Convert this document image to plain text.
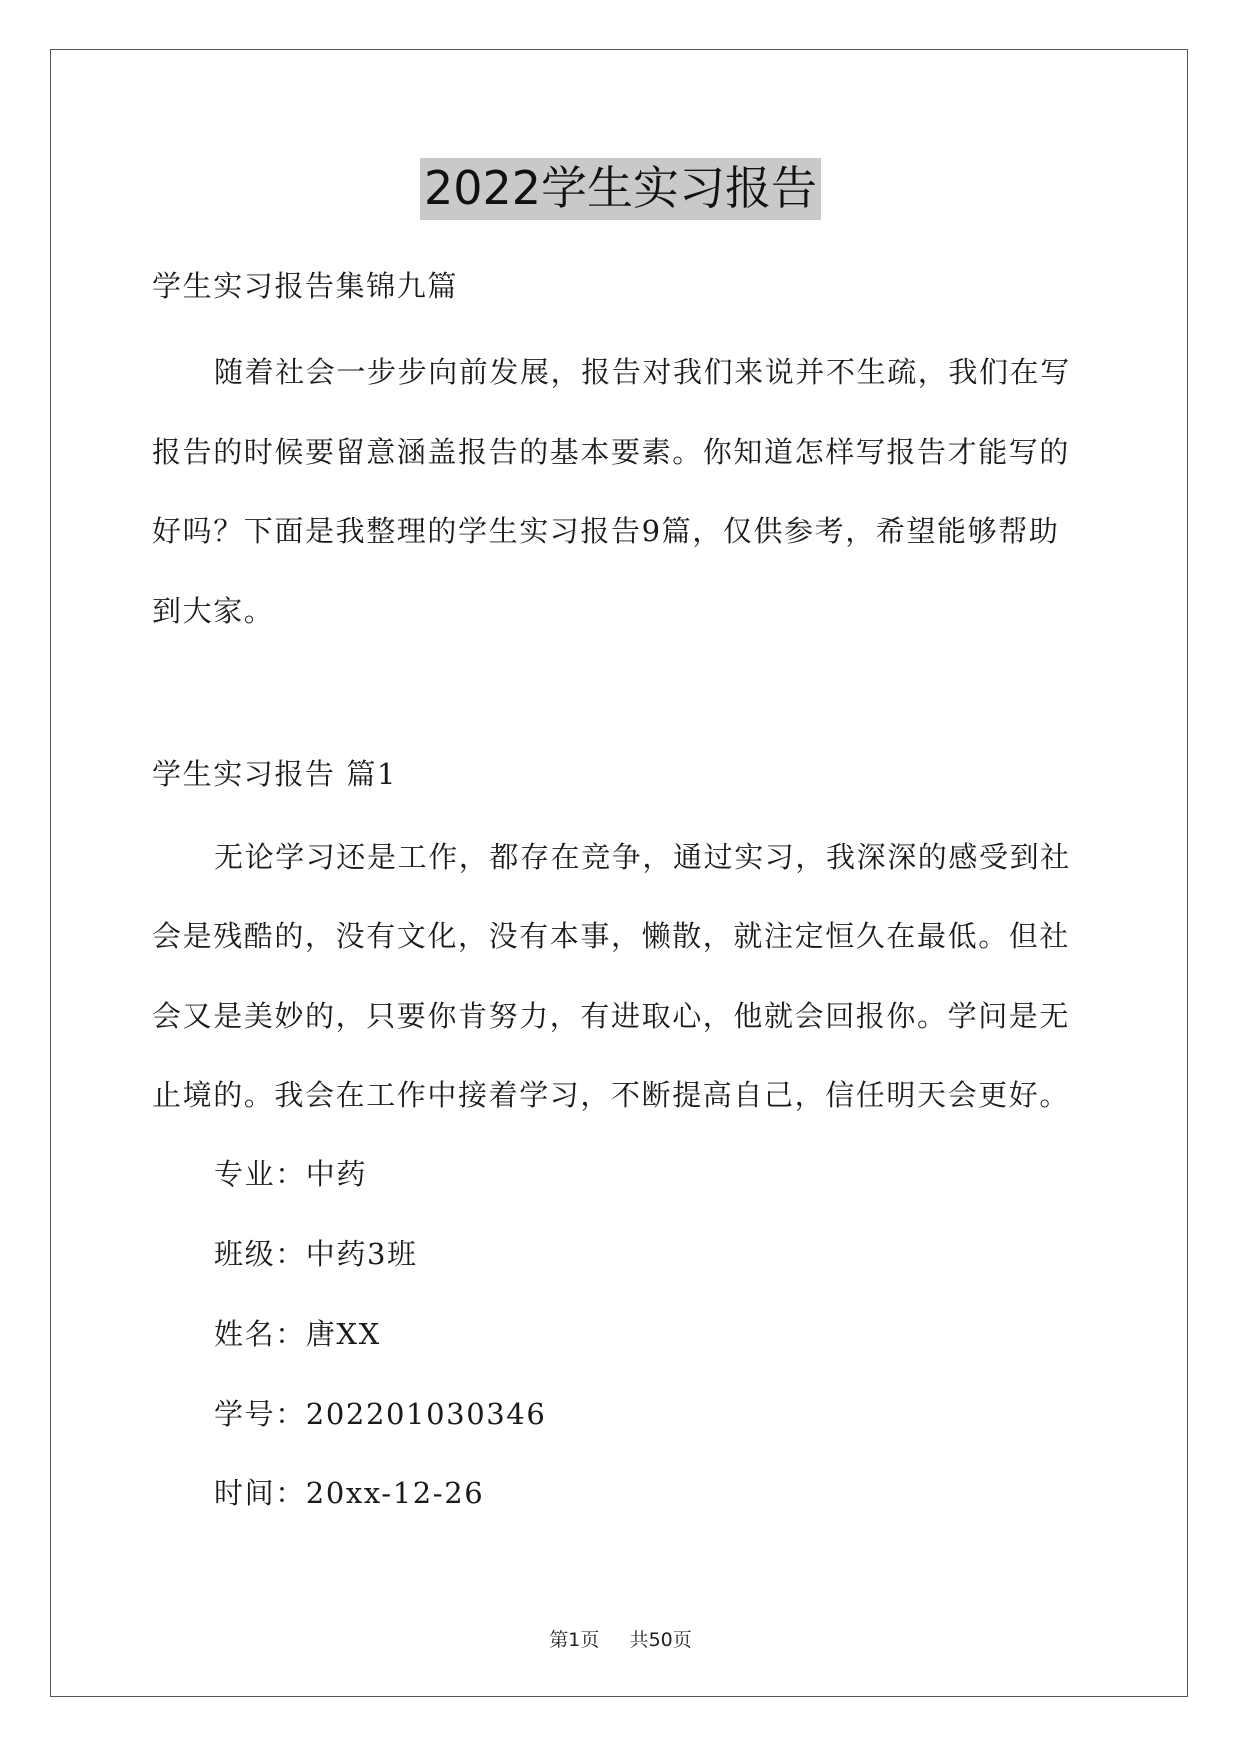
2022学生实习报告
学生实习报告集锦九篇
随着社会一步步向前发展，报告对我们来说并不生疏，我们在写
报告的时候要留意涵盖报告的基本要素。你知道怎样写报告才能写的
好吗？下面是我整理的学生实习报告9篇，仅供参考，希望能够帮助
到大家。
学生实习报告 篇1
无论学习还是工作，都存在竞争，通过实习，我深深的感受到社
会是残酷的，没有文化，没有本事，懒散，就注定恒久在最低。但社
会又是美妙的，只要你肯努力，有进取心，他就会回报你。学问是无
止境的。我会在工作中接着学习，不断提高自己，信任明天会更好。
专业：中药
班级：中药3班
姓名：唐XX
学号：202201030346
时间：20xx-12-26
第1页 共50页
